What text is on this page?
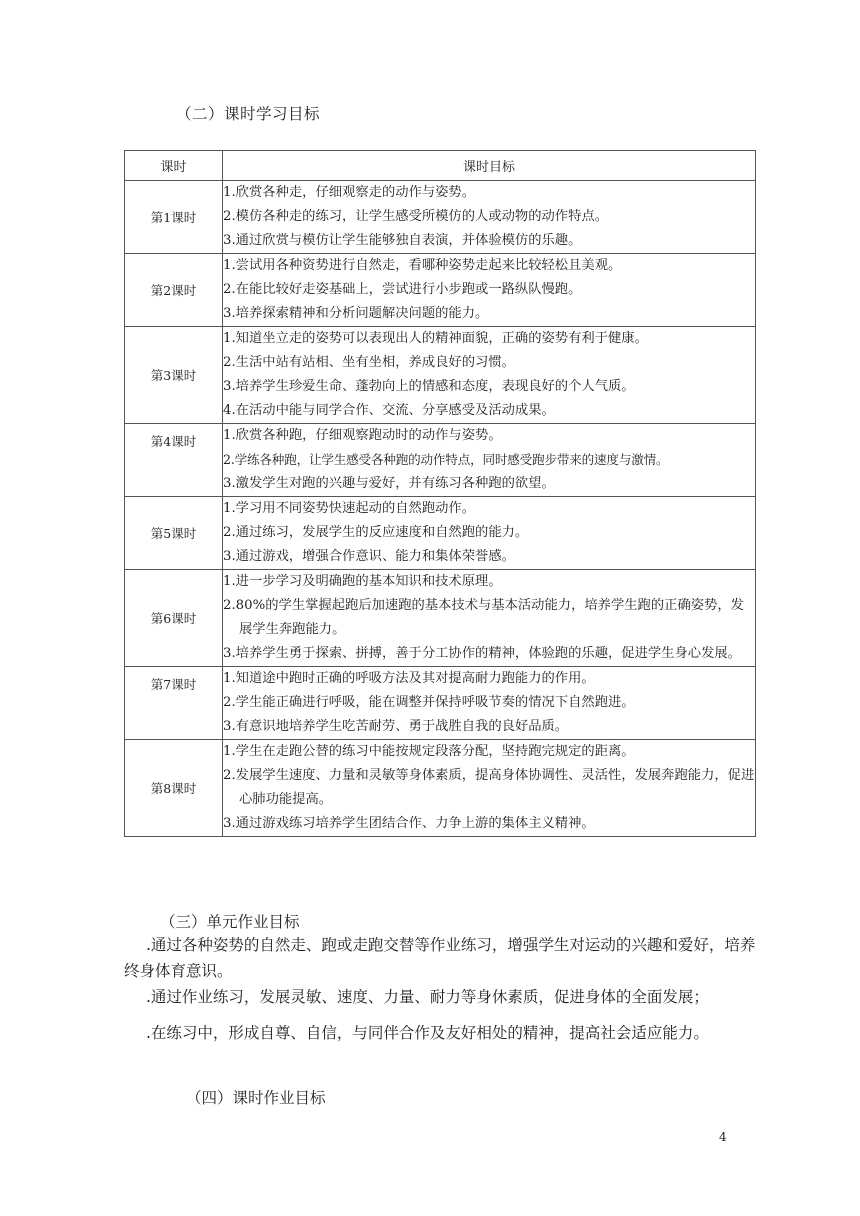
（二）课时学习目标
课时	课时目标
第1课时	1.欣赏各种走，仔细观察走的动作与姿势。
2.模仿各种走的练习，让学生感受所模仿的人或动物的动作特点。
3.通过欣赏与模仿让学生能够独自表演，并体验模仿的乐趣。

第2课时	1.尝试用各种资势进行自然走，看哪种姿势走起来比较轻松且美观。
2.在能比较好走姿基础上，尝试进行小步跑或一路纵队慢跑。
3.培养探索精神和分析问题解决问题的能力。

第3课时	1.知道坐立走的姿势可以表现出人的精神面貌，正确的姿势有利于健康。
2.生活中站有站相、坐有坐相，养成良好的习惯。
3.培养学生珍爱生命、蓬勃向上的情感和态度，表现良好的个人气质。
4.在活动中能与同学合作、交流、分享感受及活动成果。

第4课时	1.欣赏各种跑，仔细观察跑动时的动作与姿势。
2.学练各种跑，让学生感受各种跑的动作特点，同时感受跑步带来的速度与激情。
3.激发学生对跑的兴趣与爱好，并有练习各种跑的欲望。

第5课时	1.学习用不同姿势快速起动的自然跑动作。
2.通过练习，发展学生的反应速度和自然跑的能力。
3.通过游戏，增强合作意识、能力和集体荣誉感。

第6课时	1.进一步学习及明确跑的基本知识和技术原理。
2.80%的学生掌握起跑后加速跑的基本技术与基本活动能力，培养学生跑的正确姿势，发展学生奔跑能力。
3.培养学生勇于探索、拼搏，善于分工协作的精神，体验跑的乐趣，促进学生身心发展。

第7课时	1.知道途中跑时正确的呼吸方法及其对提高耐力跑能力的作用。
2.学生能正确进行呼吸，能在调整并保持呼吸节奏的情况下自然跑进。
3.有意识地培养学生吃苦耐劳、勇于战胜自我的良好品质。

第8课时	1.学生在走跑公替的练习中能按规定段落分配，坚持跑完规定的距离。
2.发展学生速度、力量和灵敏等身体素质，提高身体协调性、灵活性，发展奔跑能力，促进心肺功能提高。
3.通过游戏练习培养学生团结合作、力争上游的集体主义精神。
（三）单元作业目标
.通过各种姿势的自然走、跑或走跑交替等作业练习，增强学生对运动的兴趣和爱好，培养终身体育意识。
.通过作业练习，发展灵敏、速度、力量、耐力等身休素质，促进身体的全面发展；
.在练习中，形成自尊、自信，与同伴合作及友好相处的精神，提高社会适应能力。
（四）课时作业目标
4
